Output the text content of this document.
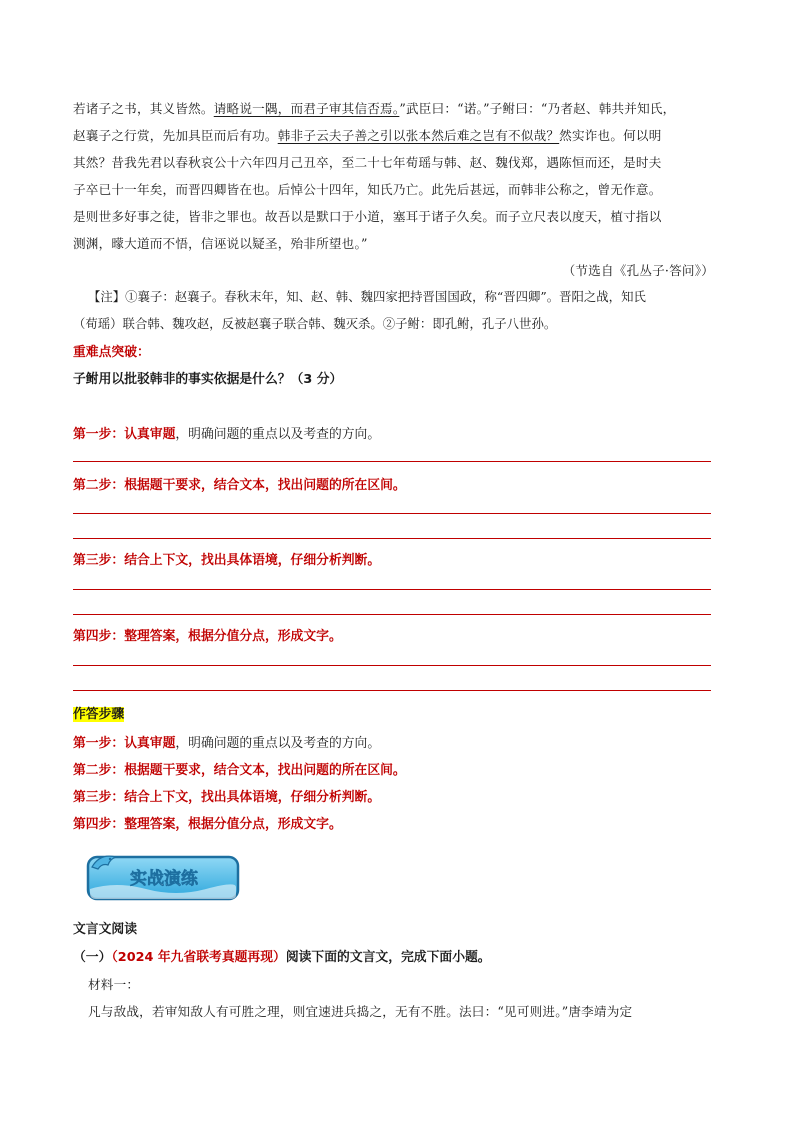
若诸子之书，其义皆然。请略说一隅，而君子审其信否焉。”武臣曰：“诺。”子鲋曰：“乃者赵、韩共并知氏，
赵襄子之行赏，先加具臣而后有功。韩非子云夫子善之引以张本然后难之岂有不似哉？然实诈也。何以明
其然？昔我先君以春秋哀公十六年四月己丑卒，至二十七年荀瑶与韩、赵、魏伐郑，遇陈恒而还，是时夫
子卒已十一年矣，而晋四卿皆在也。后悼公十四年，知氏乃亡。此先后甚远，而韩非公称之，曾无作意。
是则世多好事之徒，皆非之罪也。故吾以是默口于小道，塞耳于诸子久矣。而子立尺表以度天，植寸指以
测渊，曚大道而不悟，信诬说以疑圣，殆非所望也。”
（节选自《孔丛子·答问》）
【注】①襄子：赵襄子。春秋末年，知、赵、韩、魏四家把持晋国国政，称“晋四卿”。晋阳之战，知氏
（荀瑶）联合韩、魏攻赵，反被赵襄子联合韩、魏灭杀。②子鲋：即孔鲋，孔子八世孙。
重难点突破：
子鲋用以批驳韩非的事实依据是什么？（3 分）
第一步：认真审题，明确问题的重点以及考查的方向。
第二步：根据题干要求，结合文本，找出问题的所在区间。
第三步：结合上下文，找出具体语境，仔细分析判断。
第四步：整理答案，根据分值分点，形成文字。
作答步骤
第一步：认真审题，明确问题的重点以及考查的方向。
第二步：根据题干要求，结合文本，找出问题的所在区间。
第三步：结合上下文，找出具体语境，仔细分析判断。
第四步：整理答案，根据分值分点，形成文字。
实战演练
文言文阅读
（一）（2024 年九省联考真题再现）阅读下面的文言文，完成下面小题。
材料一：
凡与敌战，若审知敌人有可胜之理，则宜速进兵捣之，无有不胜。法曰：“见可则进。”唐李靖为定
